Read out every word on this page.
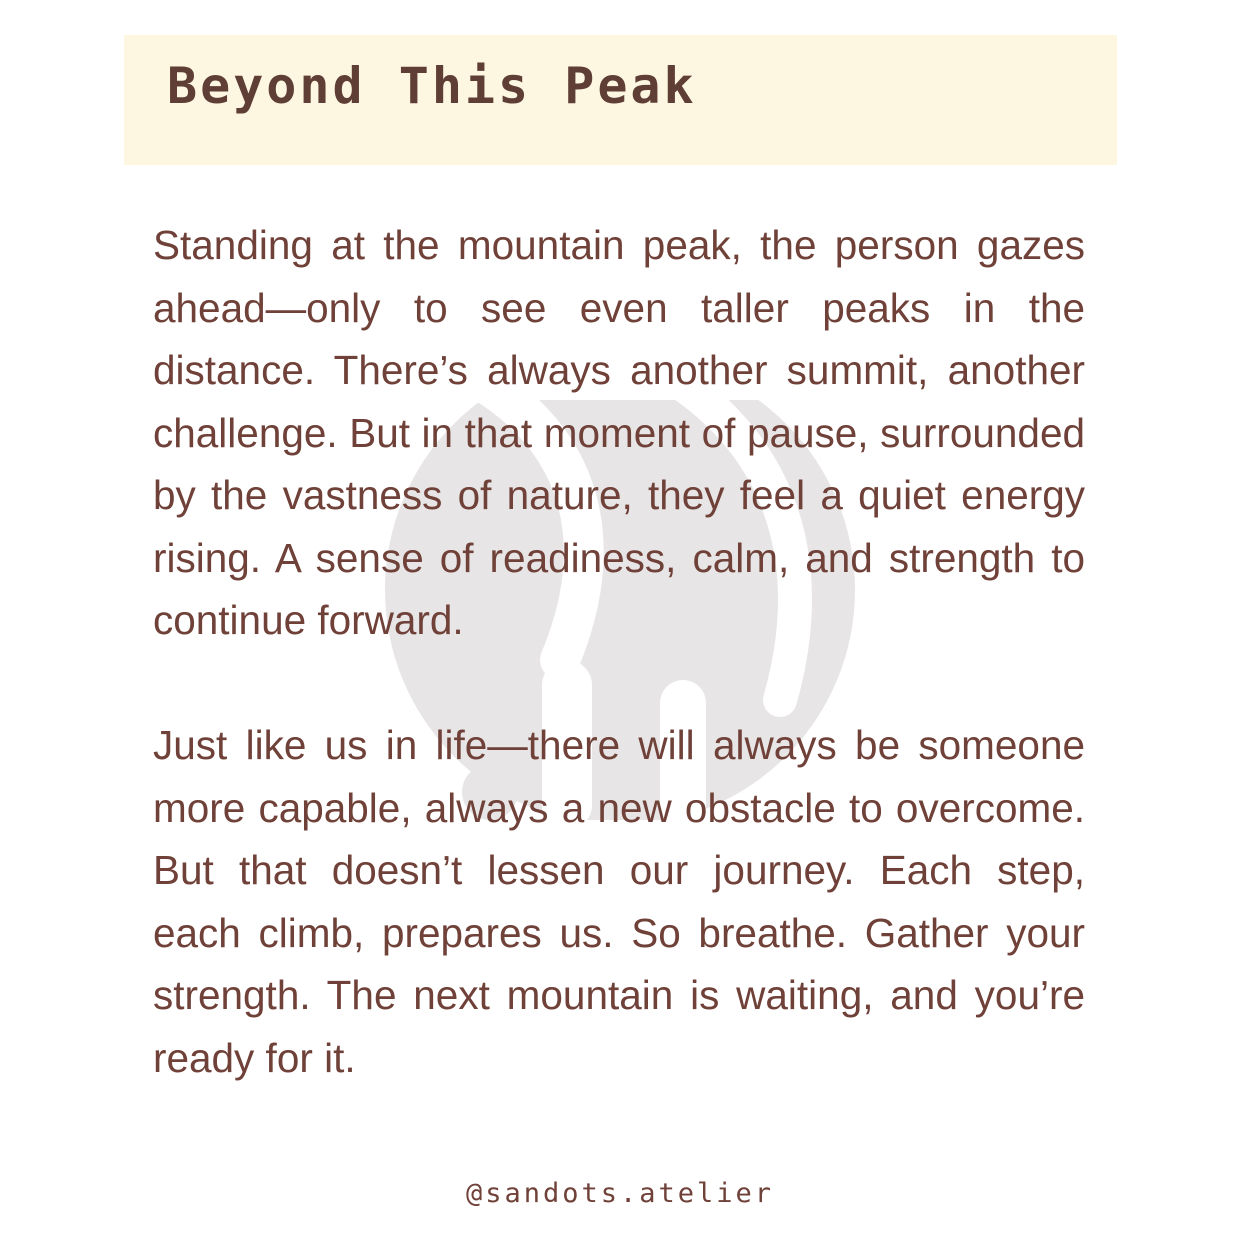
Beyond This Peak

Standing at the mountain peak, the person gazes ahead—only to see even taller peaks in the distance. There’s always another summit, another challenge. But in that moment of pause, surrounded by the vastness of nature, they feel a quiet energy rising. A sense of readiness, calm, and strength to continue forward.

Just like us in life—there will always be someone more capable, always a new obstacle to overcome. But that doesn’t lessen our journey. Each step, each climb, prepares us. So breathe. Gather your strength. The next mountain is waiting, and you’re ready for it.

@sandots.atelier
